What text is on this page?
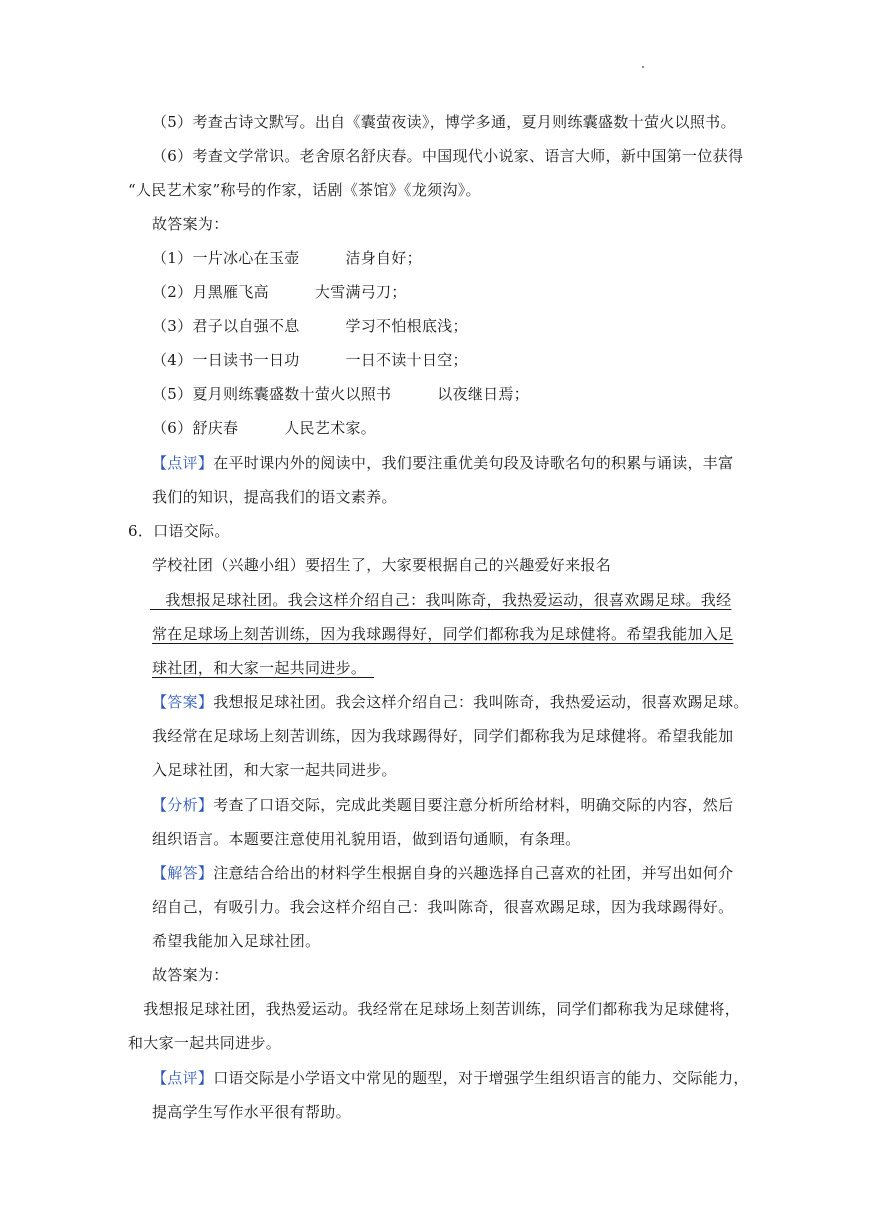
（5）考查古诗文默写。出自《囊萤夜读》，博学多通，夏月则练囊盛数十萤火以照书。
（6）考查文学常识。老舍原名舒庆春。中国现代小说家、语言大师，新中国第一位获得
“人民艺术家”称号的作家，话剧《茶馆》《龙须沟》。
故答案为：
（1）一片冰心在玉壶　　　洁身自好；
（2）月黑雁飞高　　　大雪满弓刀；
（3）君子以自强不息　　　学习不怕根底浅；
（4）一日读书一日功　　　一日不读十日空；
（5）夏月则练囊盛数十萤火以照书　　　以夜继日焉；
（6）舒庆春　　　人民艺术家。
【点评】在平时课内外的阅读中，我们要注重优美句段及诗歌名句的积累与诵读，丰富
我们的知识，提高我们的语文素养。
6．口语交际。
学校社团（兴趣小组）要招生了，大家要根据自己的兴趣爱好来报名
　我想报足球社团。我会这样介绍自己：我叫陈奇，我热爱运动，很喜欢踢足球。我经
常在足球场上刻苦训练，因为我球踢得好，同学们都称我为足球健将。希望我能加入足
球社团，和大家一起共同进步。　
【答案】我想报足球社团。我会这样介绍自己：我叫陈奇，我热爱运动，很喜欢踢足球。
我经常在足球场上刻苦训练，因为我球踢得好，同学们都称我为足球健将。希望我能加
入足球社团，和大家一起共同进步。
【分析】考查了口语交际，完成此类题目要注意分析所给材料，明确交际的内容，然后
组织语言。本题要注意使用礼貌用语，做到语句通顺，有条理。
【解答】注意结合给出的材料学生根据自身的兴趣选择自己喜欢的社团，并写出如何介
绍自己，有吸引力。我会这样介绍自己：我叫陈奇，很喜欢踢足球，因为我球踢得好。
希望我能加入足球社团。
故答案为：
　我想报足球社团，我热爱运动。我经常在足球场上刻苦训练，同学们都称我为足球健将，
和大家一起共同进步。
【点评】口语交际是小学语文中常见的题型，对于增强学生组织语言的能力、交际能力，
提高学生写作水平很有帮助。
